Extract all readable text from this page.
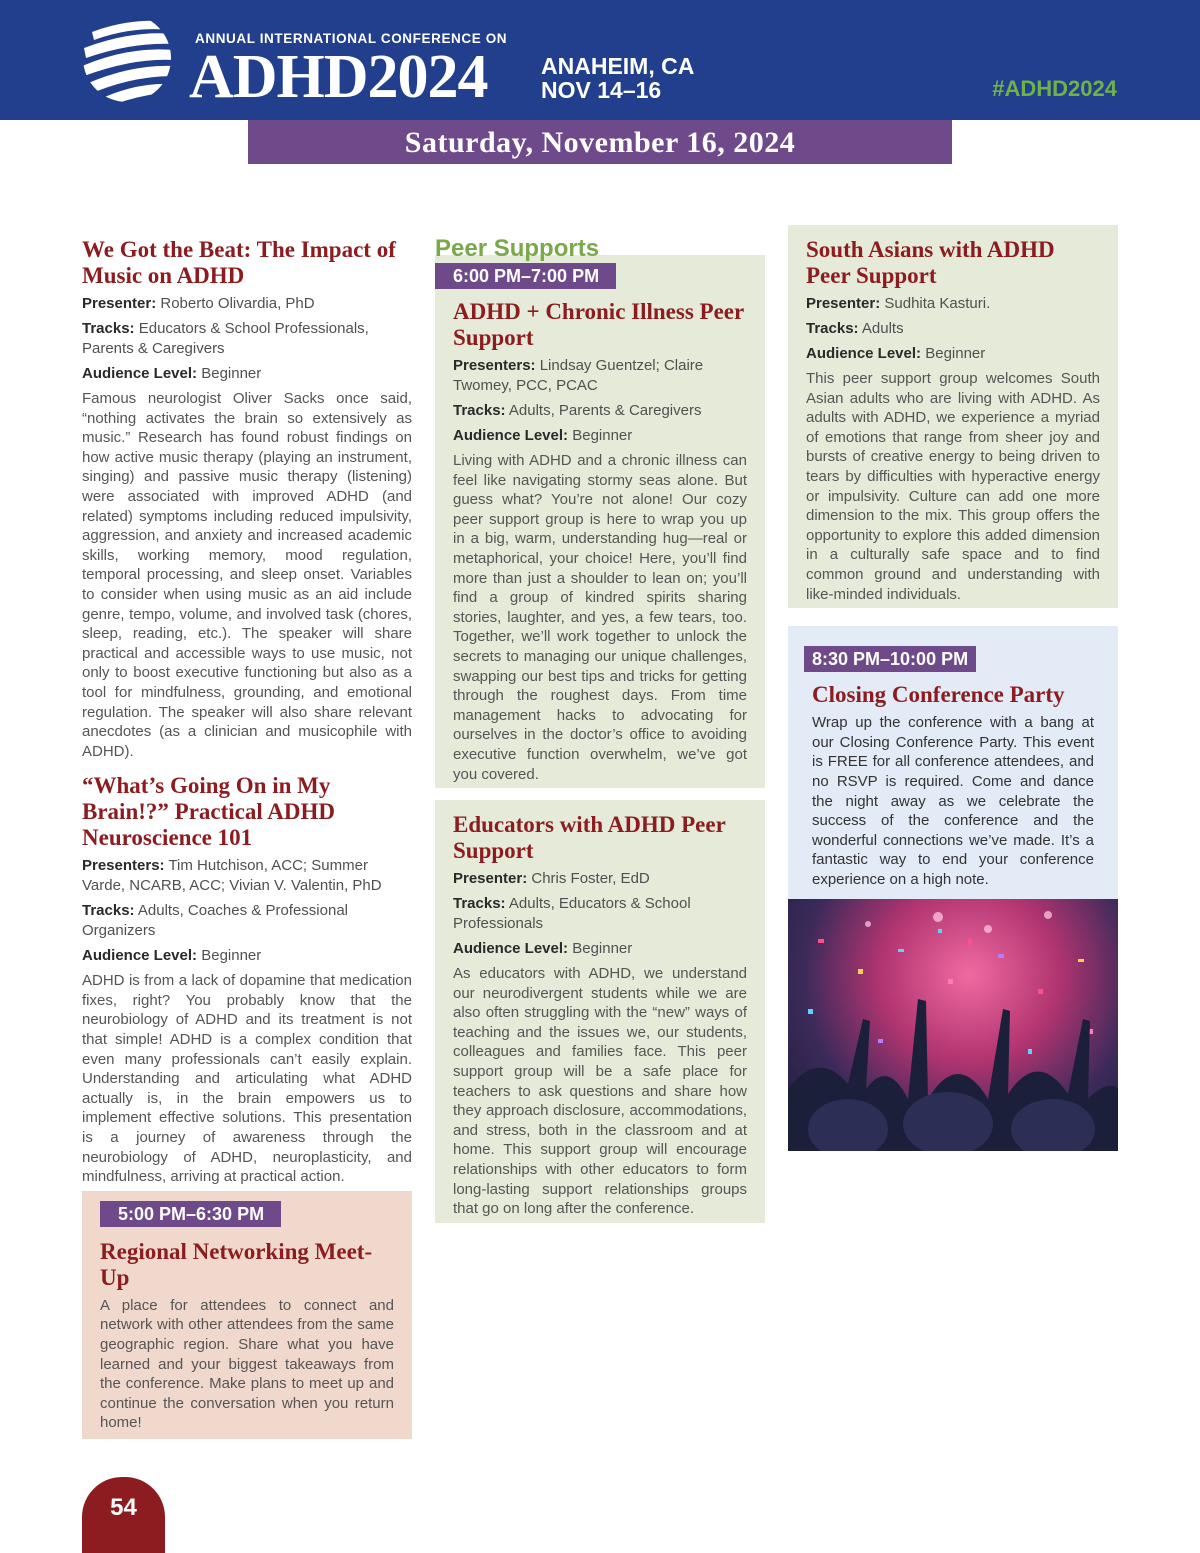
ANNUAL INTERNATIONAL CONFERENCE ON
ADHD2024 ANAHEIM, CA
NOV 14–16	#ADHD2024
Saturday, November 16, 2024
We Got the Beat: The Impact of Music on ADHD
Presenter: Roberto Olivardia, PhD
Tracks: Educators & School Professionals, Parents & Caregivers
Audience Level: Beginner
Famous neurologist Oliver Sacks once said, “nothing activates the brain so extensively as music.” Research has found robust findings on how active music therapy (playing an instrument, singing) and passive music therapy (listening) were associated with improved ADHD (and related) symptoms including reduced impulsivity, aggression, and anxiety and increased academic skills, working memory, mood regulation, temporal processing, and sleep onset. Variables to consider when using music as an aid include genre, tempo, volume, and involved task (chores, sleep, reading, etc.). The speaker will share practical and accessible ways to use music, not only to boost executive functioning but also as a tool for mindfulness, grounding, and emotional regulation. The speaker will also share relevant anecdotes (as a clinician and musicophile with ADHD).
“What’s Going On in My Brain!?” Practical ADHD Neuroscience 101
Presenters: Tim Hutchison, ACC; Summer Varde, NCARB, ACC; Vivian V. Valentin, PhD
Tracks: Adults, Coaches & Professional Organizers
Audience Level: Beginner
ADHD is from a lack of dopamine that medication fixes, right? You probably know that the neurobiology of ADHD and its treatment is not that simple! ADHD is a complex condition that even many professionals can’t easily explain. Understanding and articulating what ADHD actually is, in the brain empowers us to implement effective solutions. This presentation is a journey of awareness through the neurobiology of ADHD, neuroplasticity, and mindfulness, arriving at practical action.
5:00 PM–6:30 PM
Regional Networking Meet-Up
A place for attendees to connect and network with other attendees from the same geographic region. Share what you have learned and your biggest takeaways from the conference. Make plans to meet up and continue the conversation when you return home!
Peer Supports
6:00 PM–7:00 PM
ADHD + Chronic Illness Peer Support
Presenters: Lindsay Guentzel; Claire Twomey, PCC, PCAC
Tracks: Adults, Parents & Caregivers
Audience Level: Beginner
Living with ADHD and a chronic illness can feel like navigating stormy seas alone. But guess what? You’re not alone! Our cozy peer support group is here to wrap you up in a big, warm, understanding hug—real or metaphorical, your choice! Here, you’ll find more than just a shoulder to lean on; you’ll find a group of kindred spirits sharing stories, laughter, and yes, a few tears, too. Together, we’ll work together to unlock the secrets to managing our unique challenges, swapping our best tips and tricks for getting through the roughest days. From time management hacks to advocating for ourselves in the doctor’s office to avoiding executive function overwhelm, we’ve got you covered.
Educators with ADHD Peer Support
Presenter: Chris Foster, EdD
Tracks: Adults, Educators & School Professionals
Audience Level: Beginner
As educators with ADHD, we understand our neurodivergent students while we are also often struggling with the “new” ways of teaching and the issues we, our students, colleagues and families face. This peer support group will be a safe place for teachers to ask questions and share how they approach disclosure, accommodations, and stress, both in the classroom and at home. This support group will encourage relationships with other educators to form long-lasting support relationships groups that go on long after the conference.
South Asians with ADHD Peer Support
Presenter: Sudhita Kasturi.
Tracks: Adults
Audience Level: Beginner
This peer support group welcomes South Asian adults who are living with ADHD. As adults with ADHD, we experience a myriad of emotions that range from sheer joy and bursts of creative energy to being driven to tears by difficulties with hyperactive energy or impulsivity. Culture can add one more dimension to the mix. This group offers the opportunity to explore this added dimension in a culturally safe space and to find common ground and understanding with like-minded individuals.
8:30 PM–10:00 PM
Closing Conference Party
Wrap up the conference with a bang at our Closing Conference Party. This event is FREE for all conference attendees, and no RSVP is required. Come and dance the night away as we celebrate the success of the conference and the wonderful connections we’ve made. It’s a fantastic way to end your conference experience on a high note.
54
